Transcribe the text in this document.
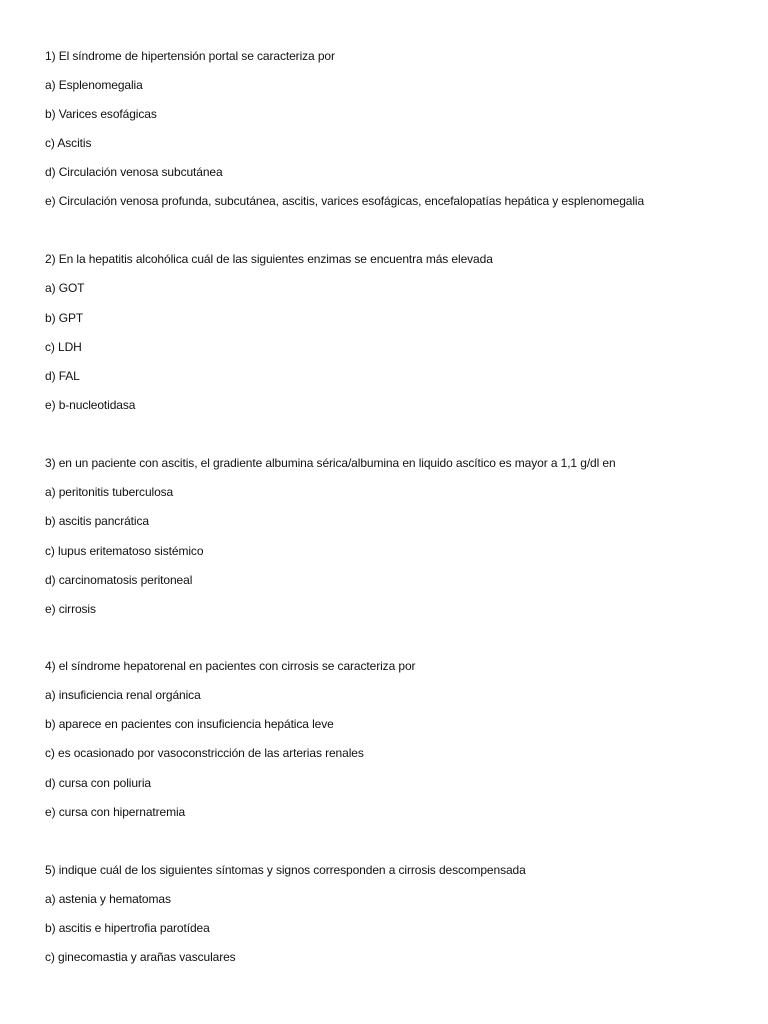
1) El síndrome de hipertensión portal se caracteriza por
a) Esplenomegalia
b) Varices esofágicas
c) Ascitis
d) Circulación venosa subcutánea
e) Circulación venosa profunda, subcutánea, ascitis, varices esofágicas, encefalopatías hepática y esplenomegalia
2) En la hepatitis alcohólica cuál de las siguientes enzimas se encuentra más elevada
a) GOT
b) GPT
c) LDH
d) FAL
e) b-nucleotidasa
3) en un paciente con ascitis, el gradiente albumina sérica/albumina en liquido ascítico es mayor a 1,1 g/dl en
a) peritonitis tuberculosa
b) ascitis pancrática
c) lupus eritematoso sistémico
d) carcinomatosis peritoneal
e) cirrosis
4) el síndrome hepatorenal en pacientes con cirrosis se caracteriza por
a) insuficiencia renal orgánica
b) aparece en pacientes con insuficiencia hepática leve
c) es ocasionado por vasoconstricción de las arterias renales
d) cursa con poliuria
e) cursa con hipernatremia
5) indique cuál de los siguientes síntomas y signos corresponden a cirrosis descompensada
a) astenia y hematomas
b) ascitis e hipertrofia parotídea
c) ginecomastia y arañas vasculares
